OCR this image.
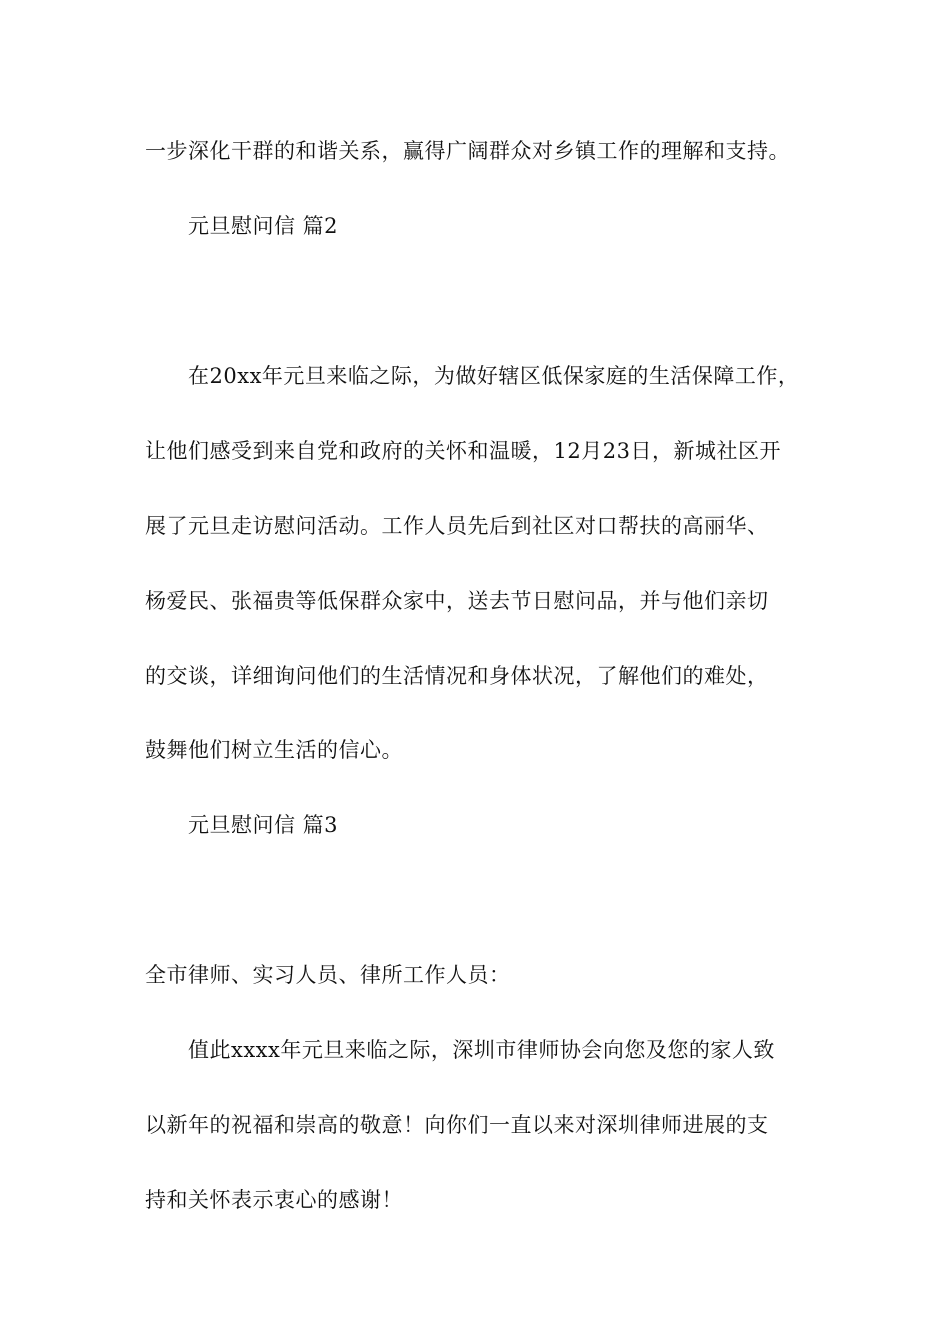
一步深化干群的和谐关系，赢得广阔群众对乡镇工作的理解和支持。
元旦慰问信 篇2
在20xx年元旦来临之际，为做好辖区低保家庭的生活保障工作，
让他们感受到来自党和政府的关怀和温暖，12月23日，新城社区开
展了元旦走访慰问活动。工作人员先后到社区对口帮扶的高丽华、
杨爱民、张福贵等低保群众家中，送去节日慰问品，并与他们亲切
的交谈，详细询问他们的生活情况和身体状况，了解他们的难处，
鼓舞他们树立生活的信心。
元旦慰问信 篇3
全市律师、实习人员、律所工作人员：
值此xxxx年元旦来临之际，深圳市律师协会向您及您的家人致
以新年的祝福和崇高的敬意！向你们一直以来对深圳律师进展的支
持和关怀表示衷心的感谢！
